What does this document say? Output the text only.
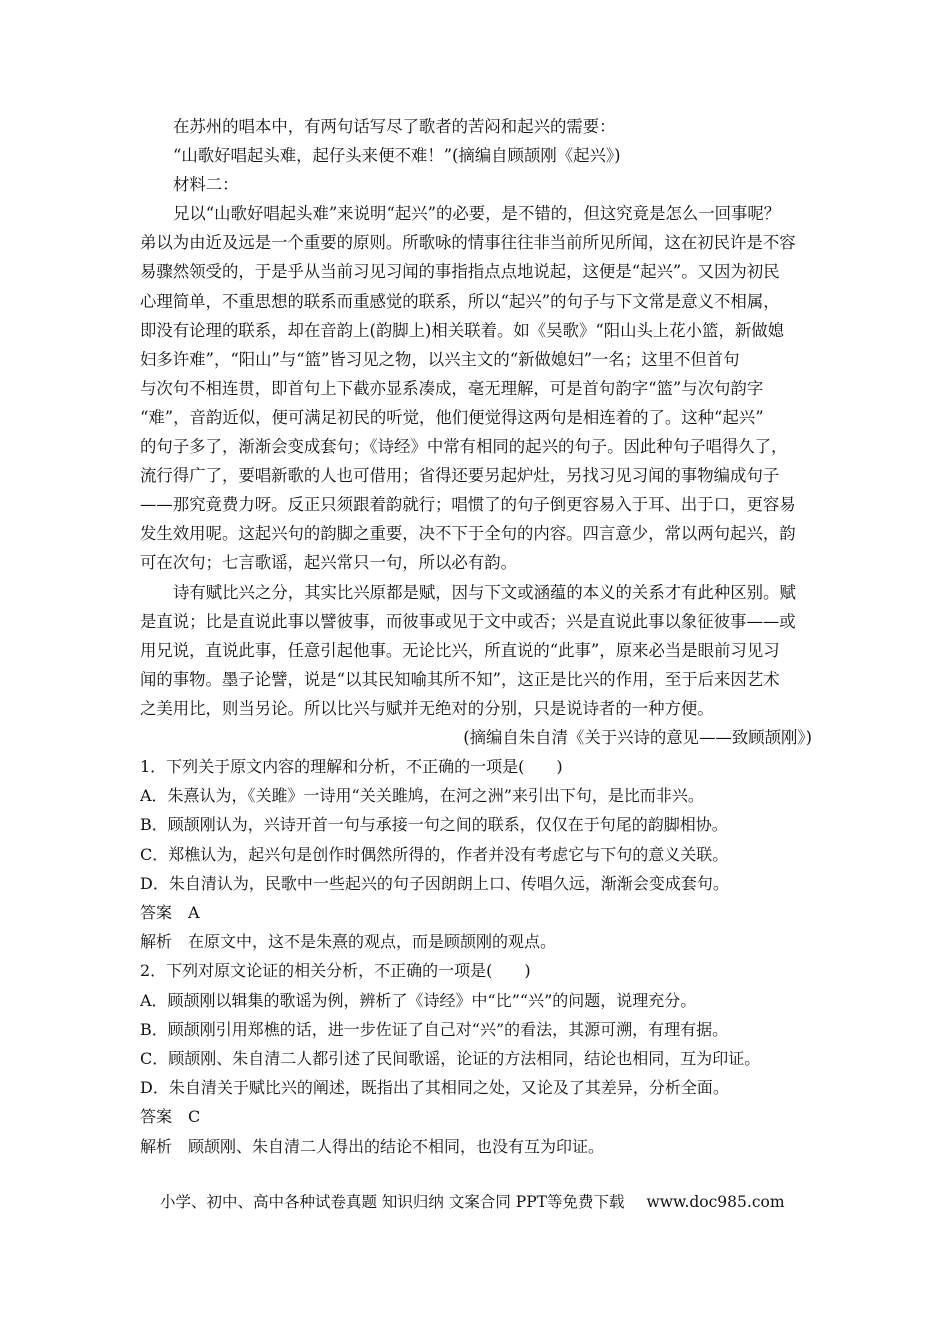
在苏州的唱本中，有两句话写尽了歌者的苦闷和起兴的需要：
“山歌好唱起头难，起仔头来便不难！”(摘编自顾颉刚《起兴》)
材料二：
兄以“山歌好唱起头难”来说明“起兴”的必要，是不错的，但这究竟是怎么一回事呢？
弟以为由近及远是一个重要的原则。所歌咏的情事往往非当前所见所闻，这在初民许是不容
易骤然领受的，于是乎从当前习见习闻的事指指点点地说起，这便是“起兴”。又因为初民
心理简单，不重思想的联系而重感觉的联系，所以“起兴”的句子与下文常是意义不相属，
即没有论理的联系，却在音韵上(韵脚上)相关联着。如《吴歌》“阳山头上花小篮，新做媳
妇多许难”，“阳山”与“篮”皆习见之物，以兴主文的“新做媳妇”一名；这里不但首句
与次句不相连贯，即首句上下截亦显系凑成，毫无理解，可是首句韵字“篮”与次句韵字
“难”，音韵近似，便可满足初民的听觉，他们便觉得这两句是相连着的了。这种“起兴”
的句子多了，渐渐会变成套句；《诗经》中常有相同的起兴的句子。因此种句子唱得久了，
流行得广了，要唱新歌的人也可借用；省得还要另起炉灶，另找习见习闻的事物编成句子
——那究竟费力呀。反正只须跟着韵就行；唱惯了的句子倒更容易入于耳、出于口，更容易
发生效用呢。这起兴句的韵脚之重要，决不下于全句的内容。四言意少，常以两句起兴，韵
可在次句；七言歌谣，起兴常只一句，所以必有韵。
诗有赋比兴之分，其实比兴原都是赋，因与下文或涵蕴的本义的关系才有此种区别。赋
是直说；比是直说此事以譬彼事，而彼事或见于文中或否；兴是直说此事以象征彼事——或
用兄说，直说此事，任意引起他事。无论比兴，所直说的“此事”，原来必当是眼前习见习
闻的事物。墨子论譬，说是“以其民知喻其所不知”，这正是比兴的作用，至于后来因艺术
之美用比，则当另论。所以比兴与赋并无绝对的分别，只是说诗者的一种方便。
(摘编自朱自清《关于兴诗的意见——致顾颉刚》)
1．下列关于原文内容的理解和分析，不正确的一项是(　　)
A．朱熹认为，《关雎》一诗用“关关雎鸠，在河之洲”来引出下句，是比而非兴。
B．顾颉刚认为，兴诗开首一句与承接一句之间的联系，仅仅在于句尾的韵脚相协。
C．郑樵认为，起兴句是创作时偶然所得的，作者并没有考虑它与下句的意义关联。
D．朱自清认为，民歌中一些起兴的句子因朗朗上口、传唱久远，渐渐会变成套句。
答案　 A
解析　 在原文中，这不是朱熹的观点，而是顾颉刚的观点。
2．下列对原文论证的相关分析，不正确的一项是(　　)
A．顾颉刚以辑集的歌谣为例，辨析了《诗经》中“比”“兴”的问题，说理充分。
B．顾颉刚引用郑樵的话，进一步佐证了自己对“兴”的看法，其源可溯，有理有据。
C．顾颉刚、朱自清二人都引述了民间歌谣，论证的方法相同，结论也相同，互为印证。
D．朱自清关于赋比兴的阐述，既指出了其相同之处，又论及了其差异，分析全面。
答案　 C
解析　 顾颉刚、朱自清二人得出的结论不相同，也没有互为印证。
小学、初中、高中各种试卷真题 知识归纳 文案合同 PPT等免费下载 www.doc985.com
